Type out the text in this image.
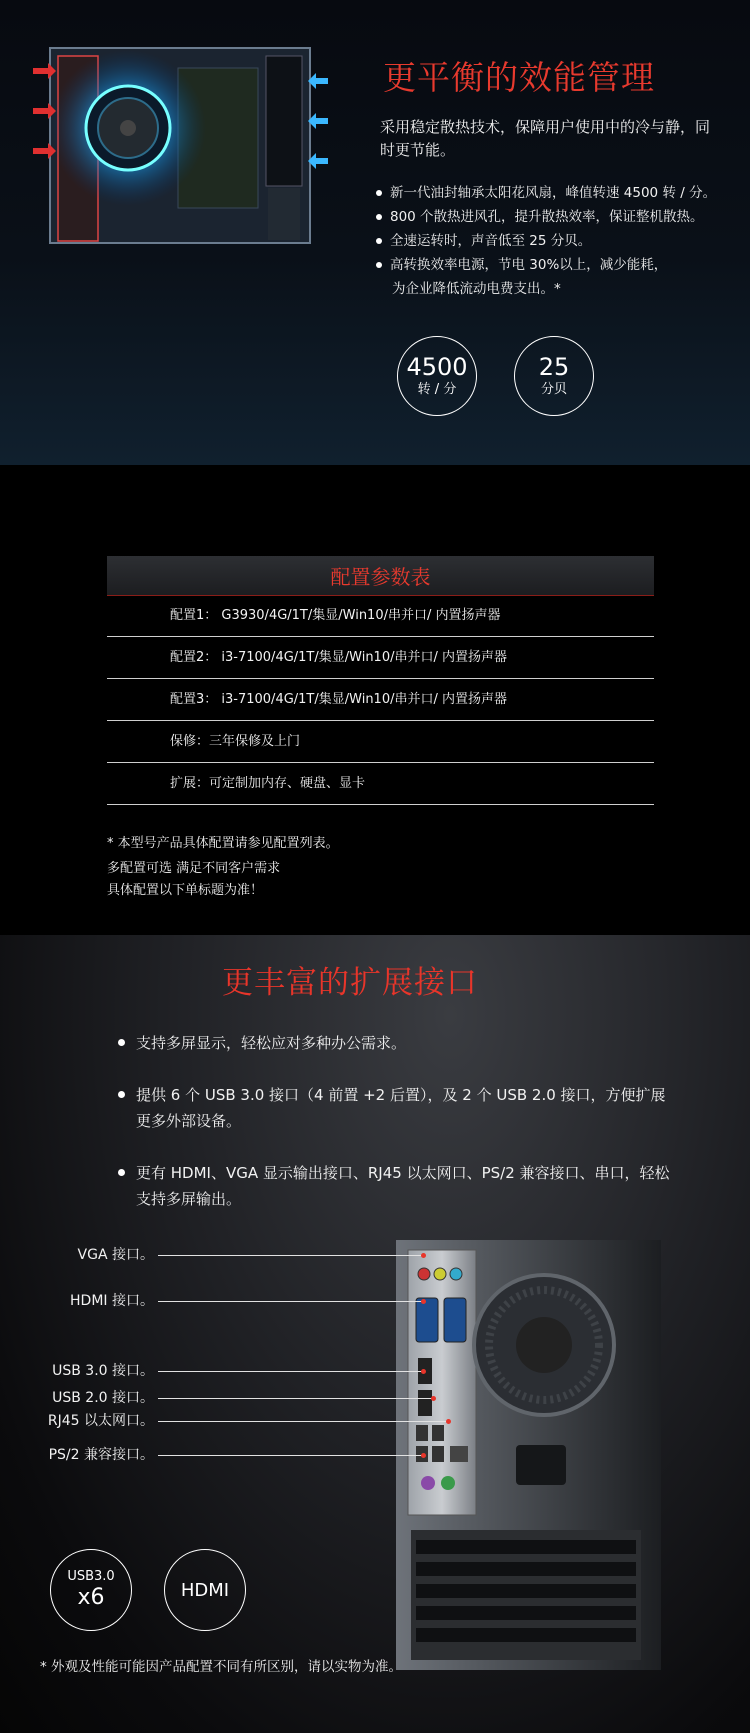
更平衡的效能管理
采用稳定散热技术，保障用户使用中的冷与静，同时更节能。
新一代油封轴承太阳花风扇，峰值转速 4500 转 / 分。
800 个散热进风孔，提升散热效率，保证整机散热。
全速运转时，声音低至 25 分贝。
高转换效率电源，节电 30%以上，减少能耗，
为企业降低流动电费支出。*
4500
转 / 分
25
分贝
配置参数表
配置1： G3930/4G/1T/集显/Win10/串并口/ 内置扬声器
配置2： i3-7100/4G/1T/集显/Win10/串并口/ 内置扬声器
配置3： i3-7100/4G/1T/集显/Win10/串并口/ 内置扬声器
保修：三年保修及上门
扩展：可定制加内存、硬盘、显卡
* 本型号产品具体配置请参见配置列表。
多配置可选 满足不同客户需求
具体配置以下单标题为准！
更丰富的扩展接口
支持多屏显示，轻松应对多种办公需求。
提供 6 个 USB 3.0 接口（4 前置 +2 后置），及 2 个 USB 2.0 接口，方便扩展更多外部设备。
更有 HDMI、VGA 显示输出接口、RJ45 以太网口、PS/2 兼容接口、串口，轻松支持多屏输出。
VGA 接口。
HDMI 接口。
USB 3.0 接口。
USB 2.0 接口。
RJ45 以太网口。
PS/2 兼容接口。
USB3.0
x6	HDMI
* 外观及性能可能因产品配置不同有所区别，请以实物为准。
